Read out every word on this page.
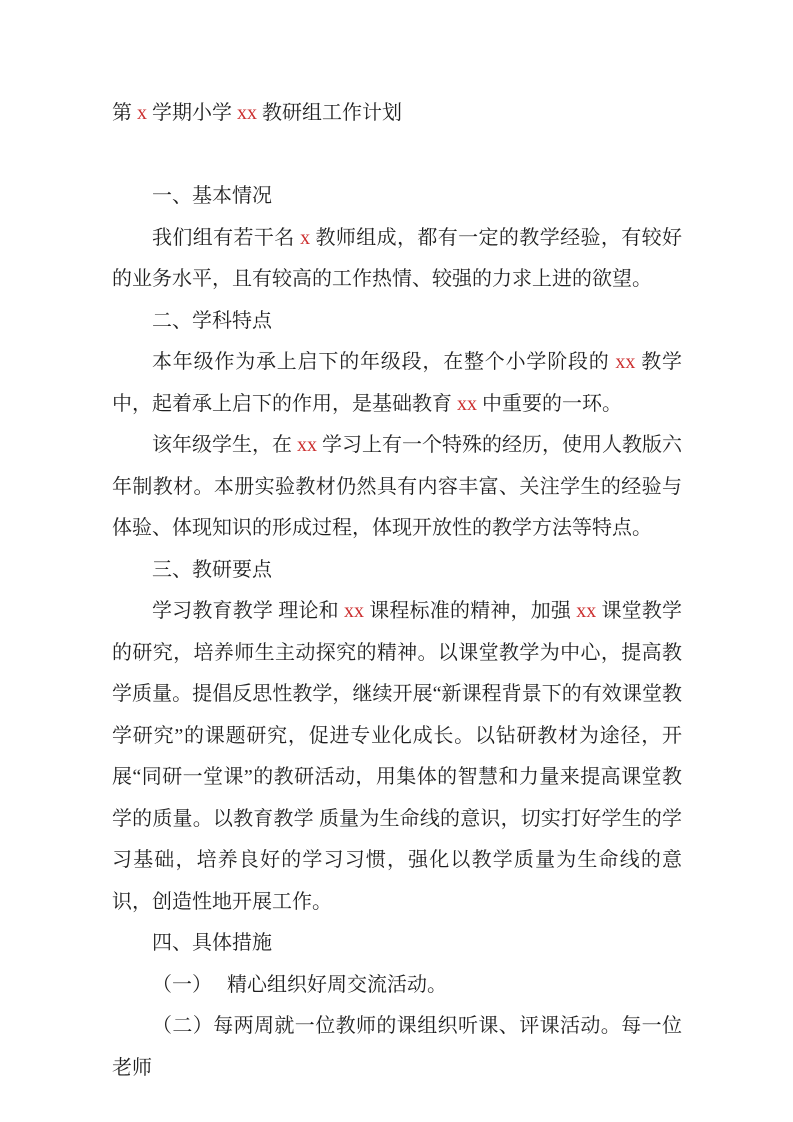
第 x 学期小学 xx 教研组工作计划

一、基本情况

我们组有若干名 x 教师组成，都有一定的教学经验，有较好的业务水平，且有较高的工作热情、较强的力求上进的欲望。

二、学科特点

本年级作为承上启下的年级段，在整个小学阶段的 xx 教学中，起着承上启下的作用，是基础教育 xx 中重要的一环。

该年级学生，在 xx 学习上有一个特殊的经历，使用人教版六年制教材。本册实验教材仍然具有内容丰富、关注学生的经验与体验、体现知识的形成过程，体现开放性的教学方法等特点。

三、教研要点

学习教育教学 理论和 xx 课程标准的精神，加强 xx 课堂教学的研究，培养师生主动探究的精神。以课堂教学为中心，提高教学质量。提倡反思性教学，继续开展“新课程背景下的有效课堂教学研究”的课题研究，促进专业化成长。以钻研教材为途径，开展“同研一堂课”的教研活动，用集体的智慧和力量来提高课堂教学的质量。以教育教学 质量为生命线的意识，切实打好学生的学习基础，培养良好的学习习惯，强化以教学质量为生命线的意识，创造性地开展工作。

四、具体措施

（一）　 精心组织好周交流活动。

（二）每两周就一位教师的课组织听课、评课活动。每一位老师
